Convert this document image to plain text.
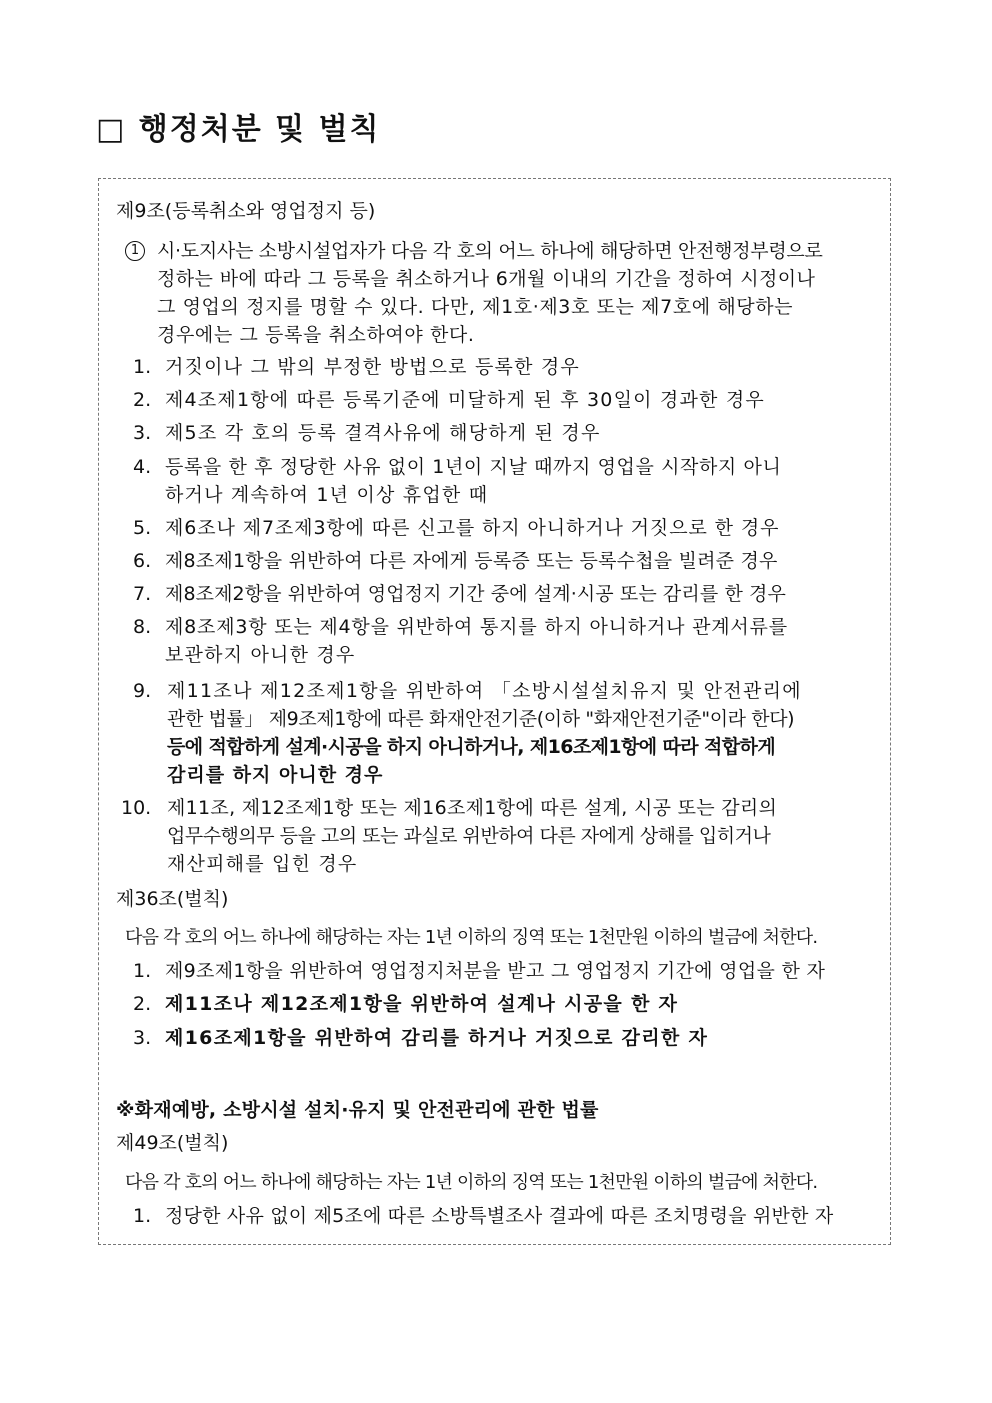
□ 행정처분 및 벌칙
제9조(등록취소와 영업정지 등)
1 시·도지사는 소방시설업자가 다음 각 호의 어느 하나에 해당하면 안전행정부령으로
정하는 바에 따라 그 등록을 취소하거나 6개월 이내의 기간을 정하여 시정이나
그 영업의 정지를 명할 수 있다. 다만, 제1호·제3호 또는 제7호에 해당하는
경우에는 그 등록을 취소하여야 한다.
1. 거짓이나 그 밖의 부정한 방법으로 등록한 경우
2. 제4조제1항에 따른 등록기준에 미달하게 된 후 30일이 경과한 경우
3. 제5조 각 호의 등록 결격사유에 해당하게 된 경우
4. 등록을 한 후 정당한 사유 없이 1년이 지날 때까지 영업을 시작하지 아니
하거나 계속하여 1년 이상 휴업한 때
5. 제6조나 제7조제3항에 따른 신고를 하지 아니하거나 거짓으로 한 경우
6. 제8조제1항을 위반하여 다른 자에게 등록증 또는 등록수첩을 빌려준 경우
7. 제8조제2항을 위반하여 영업정지 기간 중에 설계·시공 또는 감리를 한 경우
8. 제8조제3항 또는 제4항을 위반하여 통지를 하지 아니하거나 관계서류를
보관하지 아니한 경우
9. 제11조나 제12조제1항을 위반하여 「소방시설설치유지 및 안전관리에
관한 법률」 제9조제1항에 따른 화재안전기준(이하 "화재안전기준"이라 한다)
등에 적합하게 설계·시공을 하지 아니하거나, 제16조제1항에 따라 적합하게
감리를 하지 아니한 경우
10. 제11조, 제12조제1항 또는 제16조제1항에 따른 설계, 시공 또는 감리의
업무수행의무 등을 고의 또는 과실로 위반하여 다른 자에게 상해를 입히거나
재산피해를 입힌 경우
제36조(벌칙)
다음 각 호의 어느 하나에 해당하는 자는 1년 이하의 징역 또는 1천만원 이하의 벌금에 처한다.
1. 제9조제1항을 위반하여 영업정지처분을 받고 그 영업정지 기간에 영업을 한 자
2. 제11조나 제12조제1항을 위반하여 설계나 시공을 한 자
3. 제16조제1항을 위반하여 감리를 하거나 거짓으로 감리한 자
※화재예방, 소방시설 설치·유지 및 안전관리에 관한 법률
제49조(벌칙)
다음 각 호의 어느 하나에 해당하는 자는 1년 이하의 징역 또는 1천만원 이하의 벌금에 처한다.
1. 정당한 사유 없이 제5조에 따른 소방특별조사 결과에 따른 조치명령을 위반한 자
